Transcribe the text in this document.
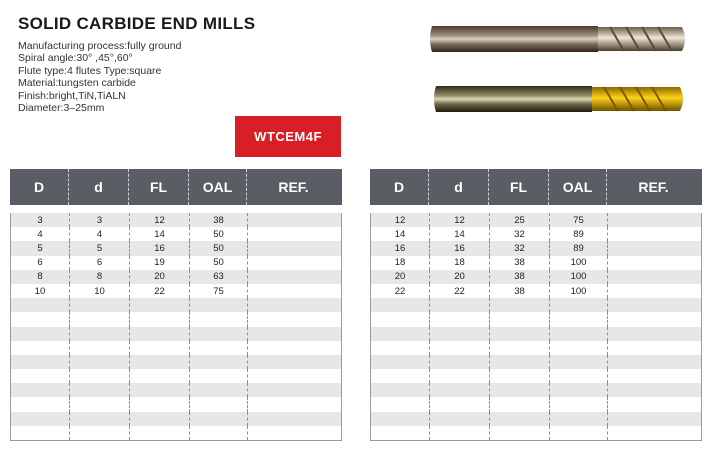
SOLID CARBIDE END MILLS
Manufacturing process:fully ground
Spiral angle:30° ,45°,60°
Flute type:4 flutes Type:square
Material:tungsten carbide
Finish:bright,TiN,TiALN
Diameter:3–25mm
WTCEM4F
D	d	FL	OAL	REF.
3	3	12	38
4	4	14	50
5	5	16	50
6	6	19	50
8	8	20	63
10	10	22	75
D	d	FL	OAL	REF.
12	12	25	75
14	14	32	89
16	16	32	89
18	18	38	100
20	20	38	100
22	22	38	100
